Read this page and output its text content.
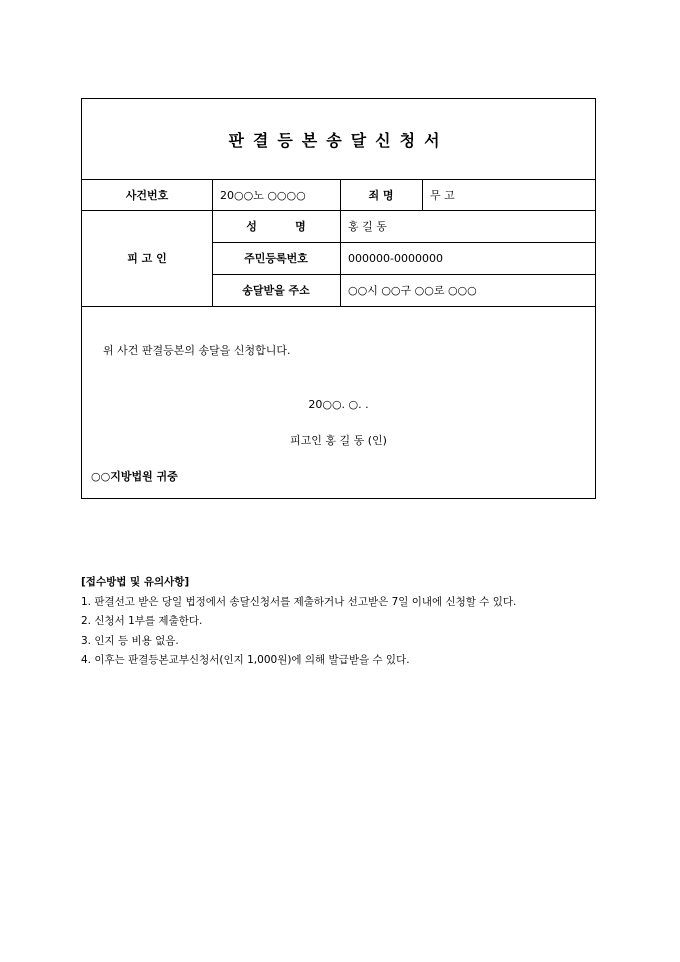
판결등본송달신청서
사건번호	20○○노 ○○○○	죄 명	무 고
피 고 인
성          명	홍 길 동
주민등록번호	000000-0000000
송달받을 주소	○○시 ○○구 ○○로 ○○○
위 사건 판결등본의 송달을 신청합니다.
20○○. ○. .
피고인 홍 길 동 (인)
○○지방법원 귀중
[접수방법 및 유의사항]
1. 판결선고 받은 당일 법정에서 송달신청서를 제출하거나 선고받은 7일 이내에 신청할 수 있다.
2. 신청서 1부를 제출한다.
3. 인지 등 비용 없음.
4. 이후는 판결등본교부신청서(인지 1,000원)에 의해 발급받을 수 있다.
